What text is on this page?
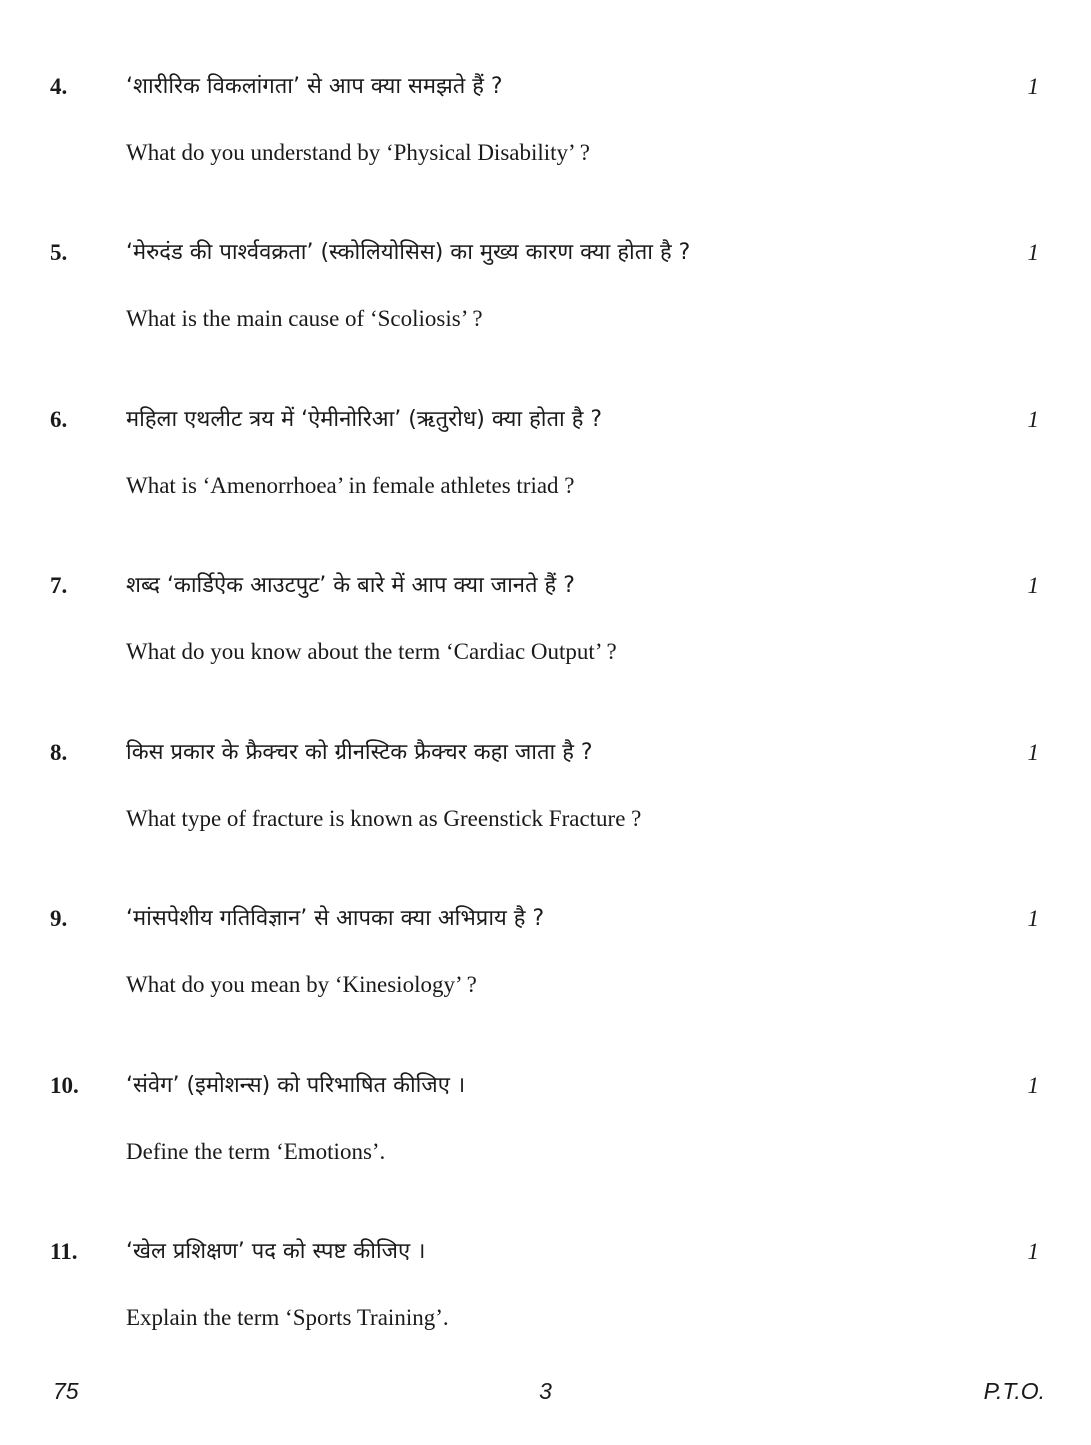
4.	‘शारीरिक विकलांगता’ से आप क्या समझते हैं ?	1
What do you understand by ‘Physical Disability’ ?
5.	‘मेरुदंड की पार्श्ववक्रता’ (स्कोलियोसिस) का मुख्य कारण क्या होता है ?	1
What is the main cause of ‘Scoliosis’ ?
6.	महिला एथलीट त्रय में ‘ऐमीनोरिआ’ (ऋतुरोध) क्या होता है ?	1
What is ‘Amenorrhoea’ in female athletes triad ?
7.	शब्द ‘कार्डिऐक आउटपुट’ के बारे में आप क्या जानते हैं ?	1
What do you know about the term ‘Cardiac Output’ ?
8.	किस प्रकार के फ्रैक्चर को ग्रीनस्टिक फ्रैक्चर कहा जाता है ?	1
What type of fracture is known as Greenstick Fracture ?
9.	‘मांसपेशीय गतिविज्ञान’ से आपका क्या अभिप्राय है ?	1
What do you mean by ‘Kinesiology’ ?
10. ‘संवेग’ (इमोशन्स) को परिभाषित कीजिए ।	1
Define the term ‘Emotions’.
11. ‘खेल प्रशिक्षण’ पद को स्पष्ट कीजिए ।	1
Explain the term ‘Sports Training’.
75	3	P.T.O.
